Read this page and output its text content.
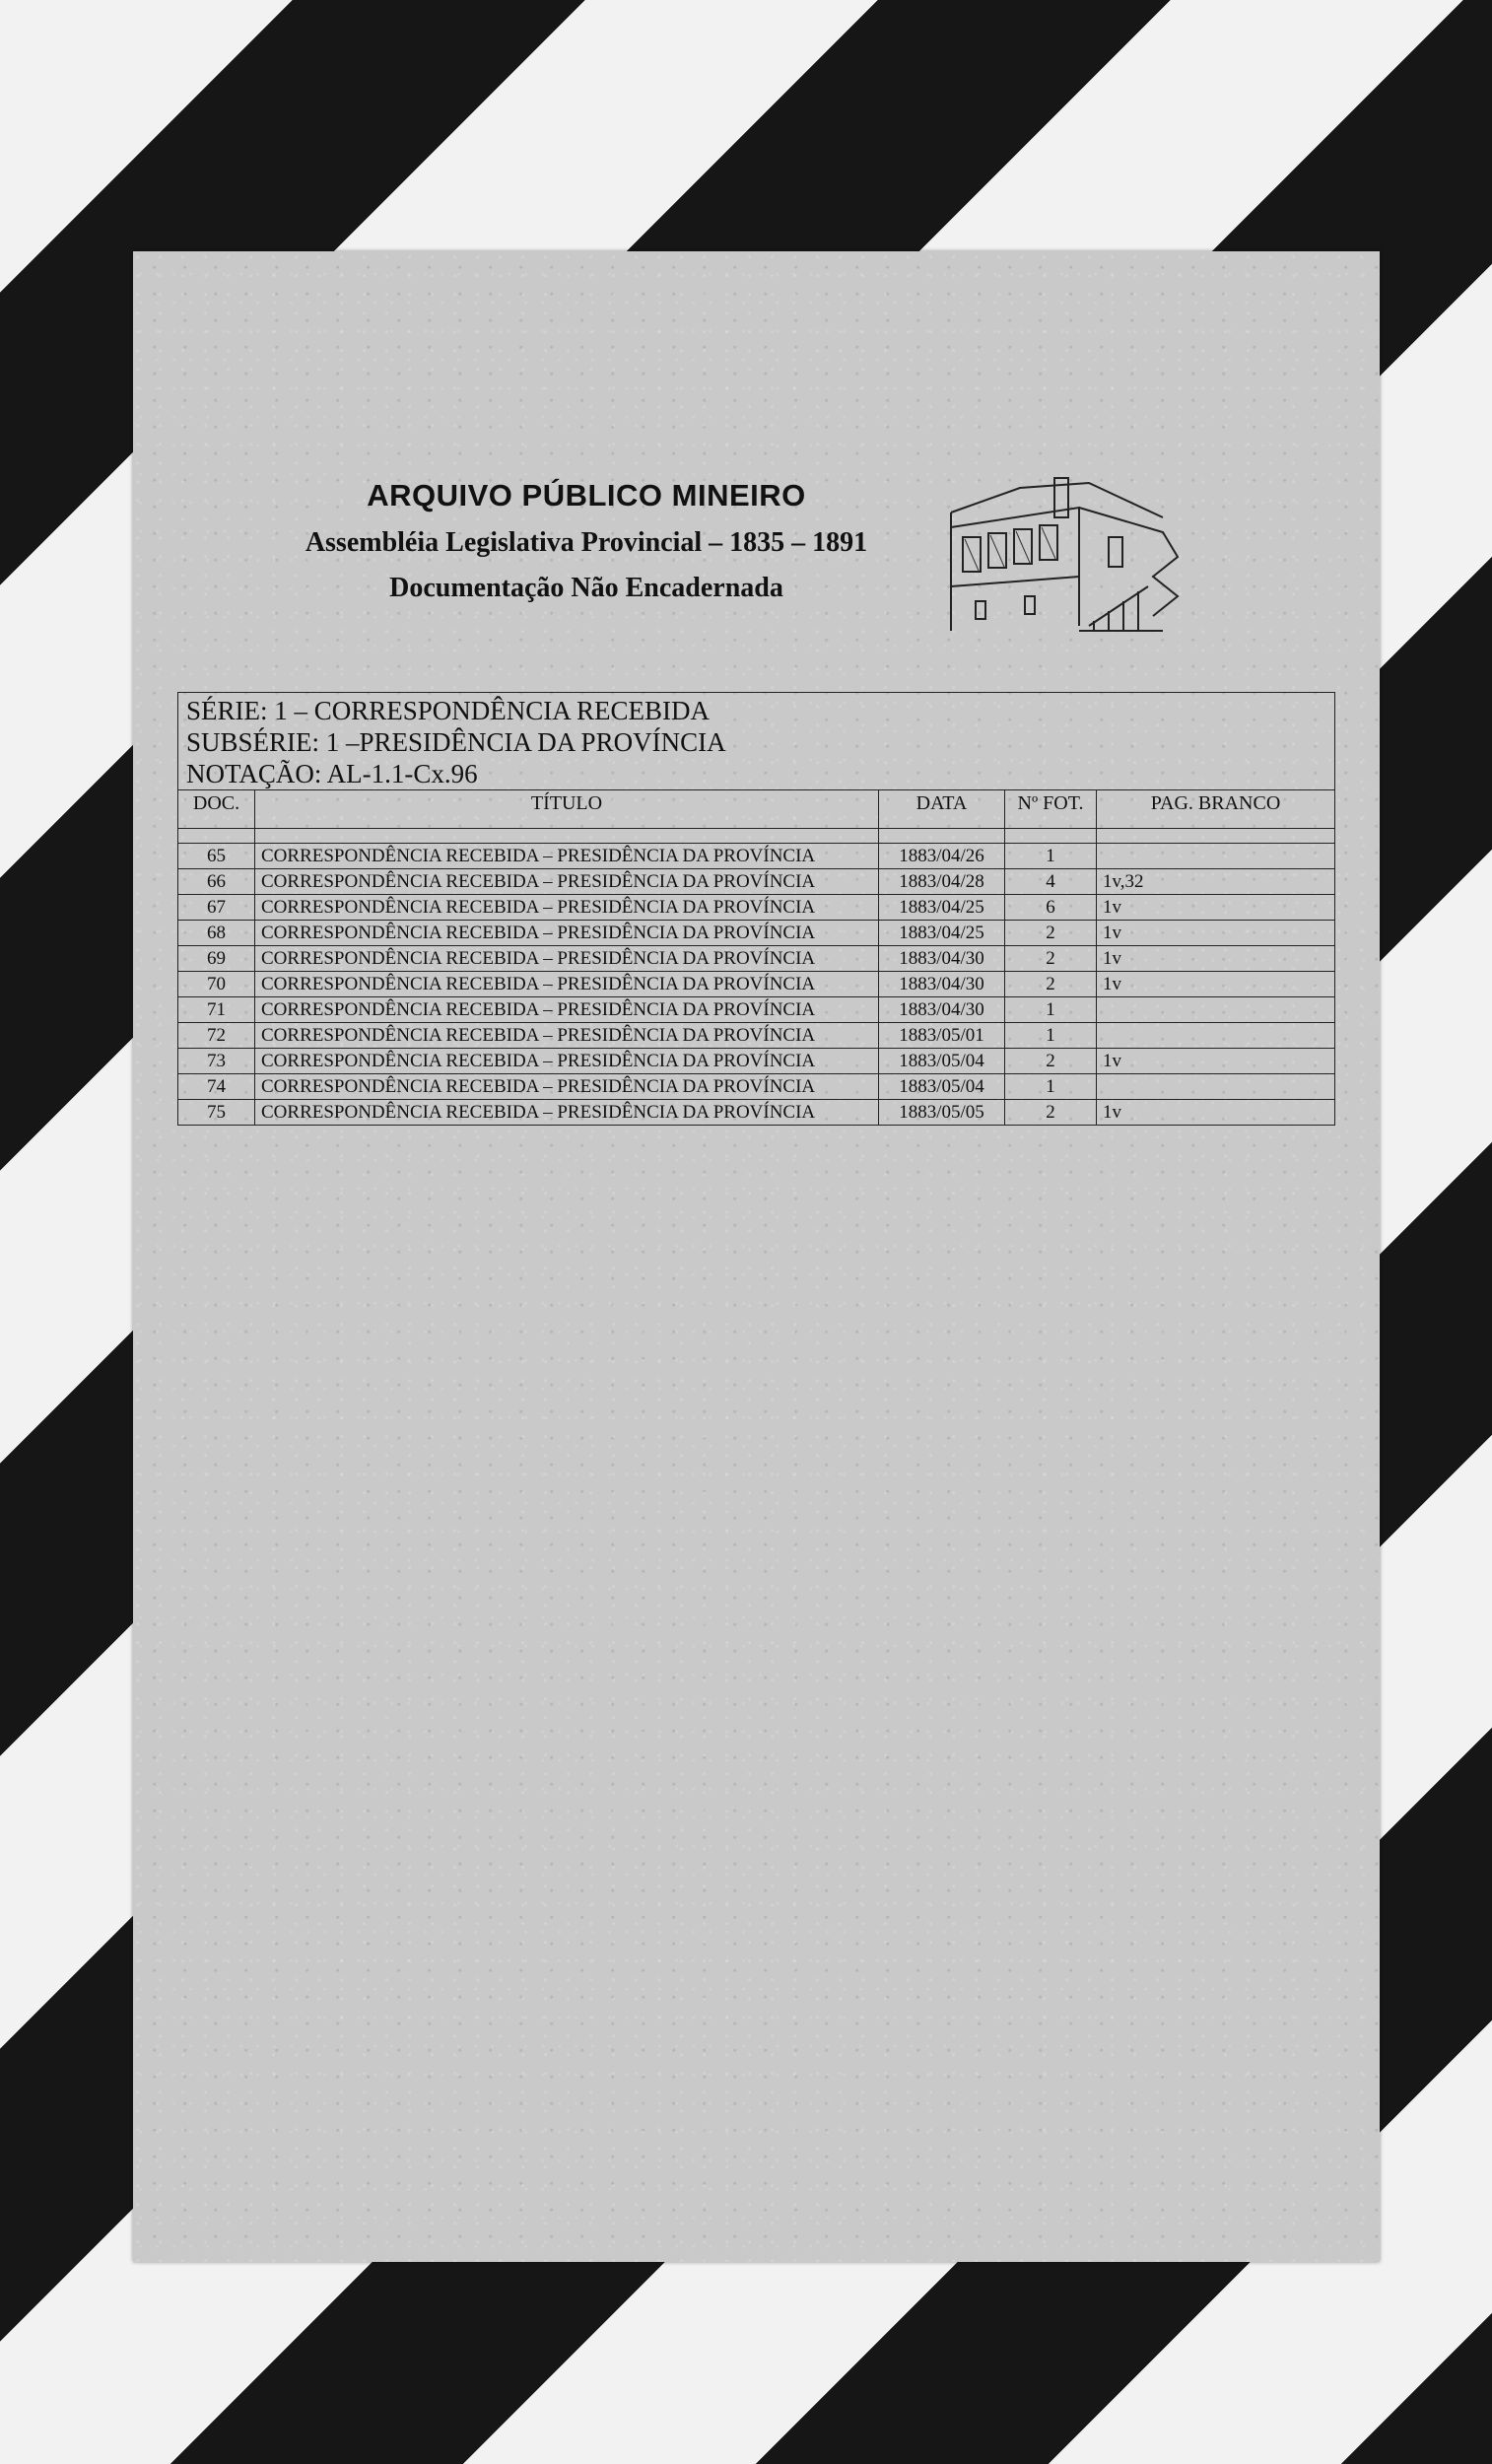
ARQUIVO PÚBLICO MINEIRO
Assembléia Legislativa Provincial – 1835 – 1891
Documentação Não Encadernada
SÉRIE: 1 – CORRESPONDÊNCIA RECEBIDA
SUBSÉRIE: 1 –PRESIDÊNCIA DA PROVÍNCIA
NOTAÇÃO: AL-1.1-Cx.96
DOC.	TÍTULO	DATA	Nº FOT.	PAG. BRANCO

65	CORRESPONDÊNCIA RECEBIDA – PRESIDÊNCIA DA PROVÍNCIA	1883/04/26	1	
66	CORRESPONDÊNCIA RECEBIDA – PRESIDÊNCIA DA PROVÍNCIA	1883/04/28	4	1v,32
67	CORRESPONDÊNCIA RECEBIDA – PRESIDÊNCIA DA PROVÍNCIA	1883/04/25	6	1v
68	CORRESPONDÊNCIA RECEBIDA – PRESIDÊNCIA DA PROVÍNCIA	1883/04/25	2	1v
69	CORRESPONDÊNCIA RECEBIDA – PRESIDÊNCIA DA PROVÍNCIA	1883/04/30	2	1v
70	CORRESPONDÊNCIA RECEBIDA – PRESIDÊNCIA DA PROVÍNCIA	1883/04/30	2	1v
71	CORRESPONDÊNCIA RECEBIDA – PRESIDÊNCIA DA PROVÍNCIA	1883/04/30	1	
72	CORRESPONDÊNCIA RECEBIDA – PRESIDÊNCIA DA PROVÍNCIA	1883/05/01	1	
73	CORRESPONDÊNCIA RECEBIDA – PRESIDÊNCIA DA PROVÍNCIA	1883/05/04	2	1v
74	CORRESPONDÊNCIA RECEBIDA – PRESIDÊNCIA DA PROVÍNCIA	1883/05/04	1	
75	CORRESPONDÊNCIA RECEBIDA – PRESIDÊNCIA DA PROVÍNCIA	1883/05/05	2	1v
